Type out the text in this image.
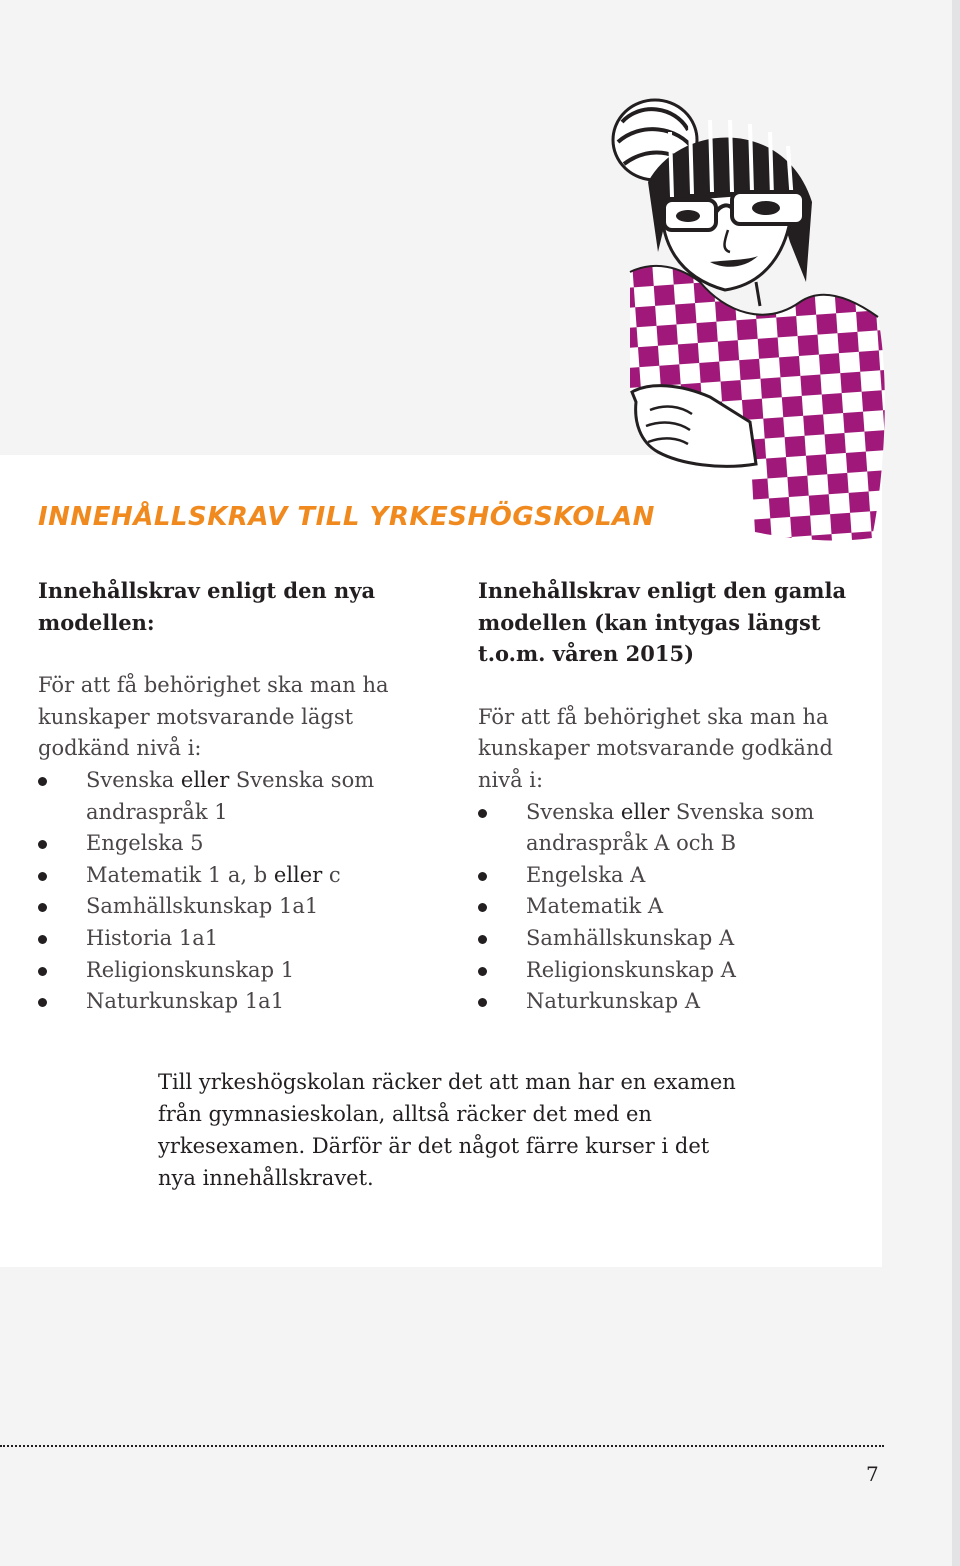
INNEHÅLLSKRAV TILL YRKESHÖGSKOLAN
Innehållskrav enligt den nya modellen:

För att få behörighet ska man ha kunskaper motsvarande lägst godkänd nivå i:

Svenska eller Svenska som andraspråk 1
Engelska 5
Matematik 1 a, b eller c
Samhällskunskap 1a1
Historia 1a1
Religionskunskap 1
Naturkunskap 1a1
Innehållskrav enligt den gamla modellen (kan intygas längst t.o.m. våren 2015)

För att få behörighet ska man ha kunskaper motsvarande godkänd nivå i:

Svenska eller Svenska som andraspråk A och B
Engelska A
Matematik A
Samhällskunskap A
Religionskunskap A
Naturkunskap A

Till yrkeshögskolan räcker det att man har en examen från gymnasieskolan, alltså räcker det med en yrkesexamen. Därför är det något färre kurser i det nya innehållskravet.

7
